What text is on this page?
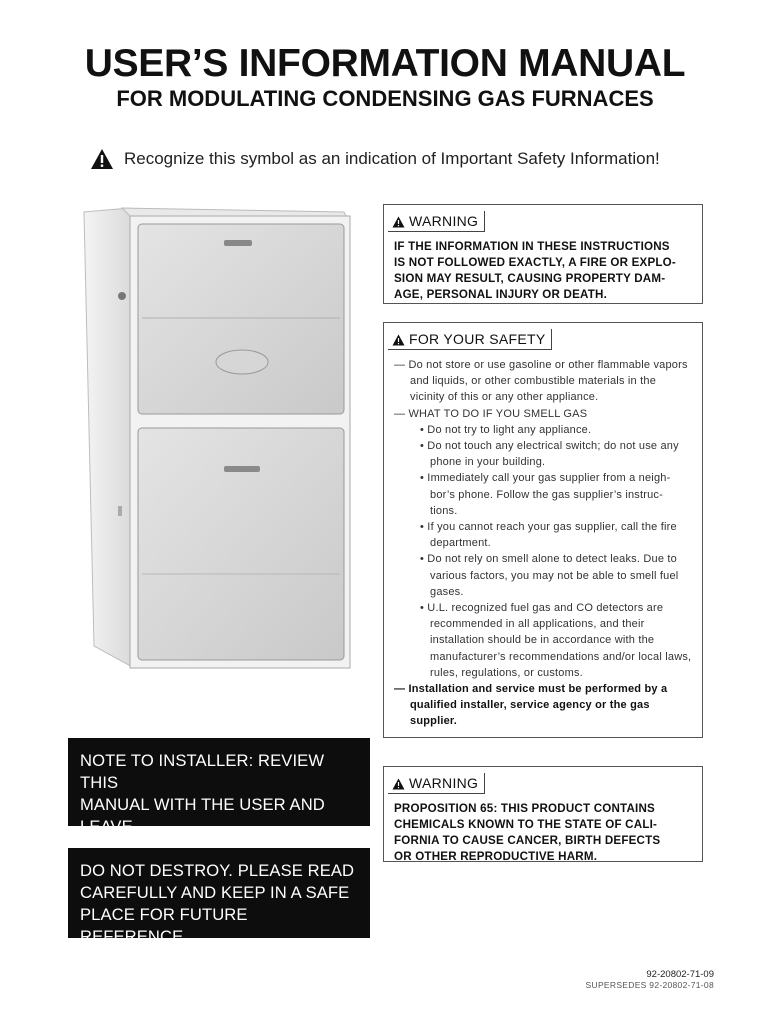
USER’S INFORMATION MANUAL
FOR MODULATING CONDENSING GAS FURNACES
Recognize this symbol as an indication of Important Safety Information!
WARNING
IF THE INFORMATION IN THESE INSTRUCTIONS
IS NOT FOLLOWED EXACTLY, A FIRE OR EXPLO-
SION MAY RESULT, CAUSING PROPERTY DAM-
AGE, PERSONAL INJURY OR DEATH.
FOR YOUR SAFETY
— Do not store or use gasoline or other flammable vapors and liquids, or other combustible materials in the vicinity of this or any other appliance.
— WHAT TO DO IF YOU SMELL GAS
• Do not try to light any appliance.
• Do not touch any electrical switch; do not use any phone in your building.
• Immediately call your gas supplier from a neigh- bor’s phone. Follow the gas supplier’s instruc- tions.
• If you cannot reach your gas supplier, call the fire department.
• Do not rely on smell alone to detect leaks. Due to various factors, you may not be able to smell fuel gases.
• U.L. recognized fuel gas and CO detectors are recommended in all applications, and their installation should be in accordance with the manufacturer’s recommendations and/or local laws, rules, regulations, or customs.
— Installation and service must be performed by a qualified installer, service agency or the gas supplier.
WARNING
PROPOSITION 65: THIS PRODUCT CONTAINS
CHEMICALS KNOWN TO THE STATE OF CALI-
FORNIA TO CAUSE CANCER, BIRTH DEFECTS
OR OTHER REPRODUCTIVE HARM.
NOTE TO INSTALLER: REVIEW THIS
MANUAL WITH THE USER AND LEAVE
DO NOT DESTROY. PLEASE READ
CAREFULLY AND KEEP IN A SAFE
PLACE FOR FUTURE REFERENCE.
92-20802-71-09
SUPERSEDES 92-20802-71-08
